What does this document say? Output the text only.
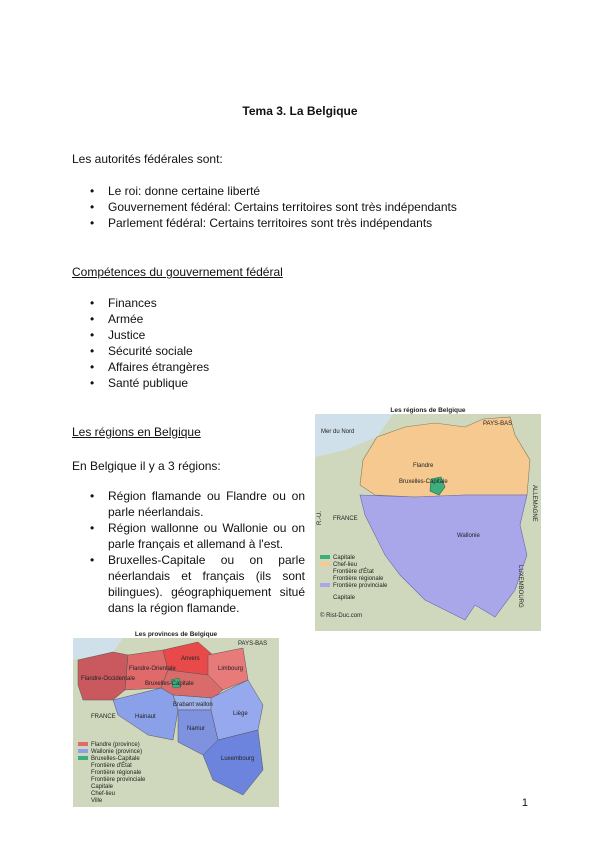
Tema 3. La Belgique
Les autorités fédérales sont:
• Le roi: donne certaine liberté
• Gouvernement fédéral: Certains territoires sont très indépendants
• Parlement fédéral: Certains territoires sont très indépendants
Compétences du gouvernement fédéral
• Finances
• Armée
• Justice
• Sécurité sociale
• Affaires étrangères
• Santé publique
Les régions en Belgique
En Belgique il y a 3 régions:
• Région flamande ou Flandre ou on parle néerlandais.
• Région wallonne ou Wallonie ou on parle français et allemand à l'est.
• Bruxelles-Capitale ou on parle néerlandais et français (ils sont bilingues). géographiquement situé dans la région flamande.
Les régions de Belgique
Mer du Nord
PAYS-BAS
Flandre
Bruxelles-Capitale
Wallonie
FRANCE
R.-U.	ALLEMAGNE
LUXEMBOURG
Capitale
Chef-lieu
Frontière d'État
Frontière régionale
Frontière provinciale
Capitale
© Rist-Duc.com
Les provinces de Belgique
PAYS-BAS
Flandre-Occidentale
Flandre-Orientale
Anvers
Limbourg
Bruxelles-Capitale
Brabant wallon
Hainaut
Namur
Liège
Luxembourg
FRANCE
Flandre (province)
Wallonie (province)
Bruxelles-Capitale
Frontière d'État
Frontière régionale
Frontière provinciale
Capitale
Chef-lieu
Ville	1
